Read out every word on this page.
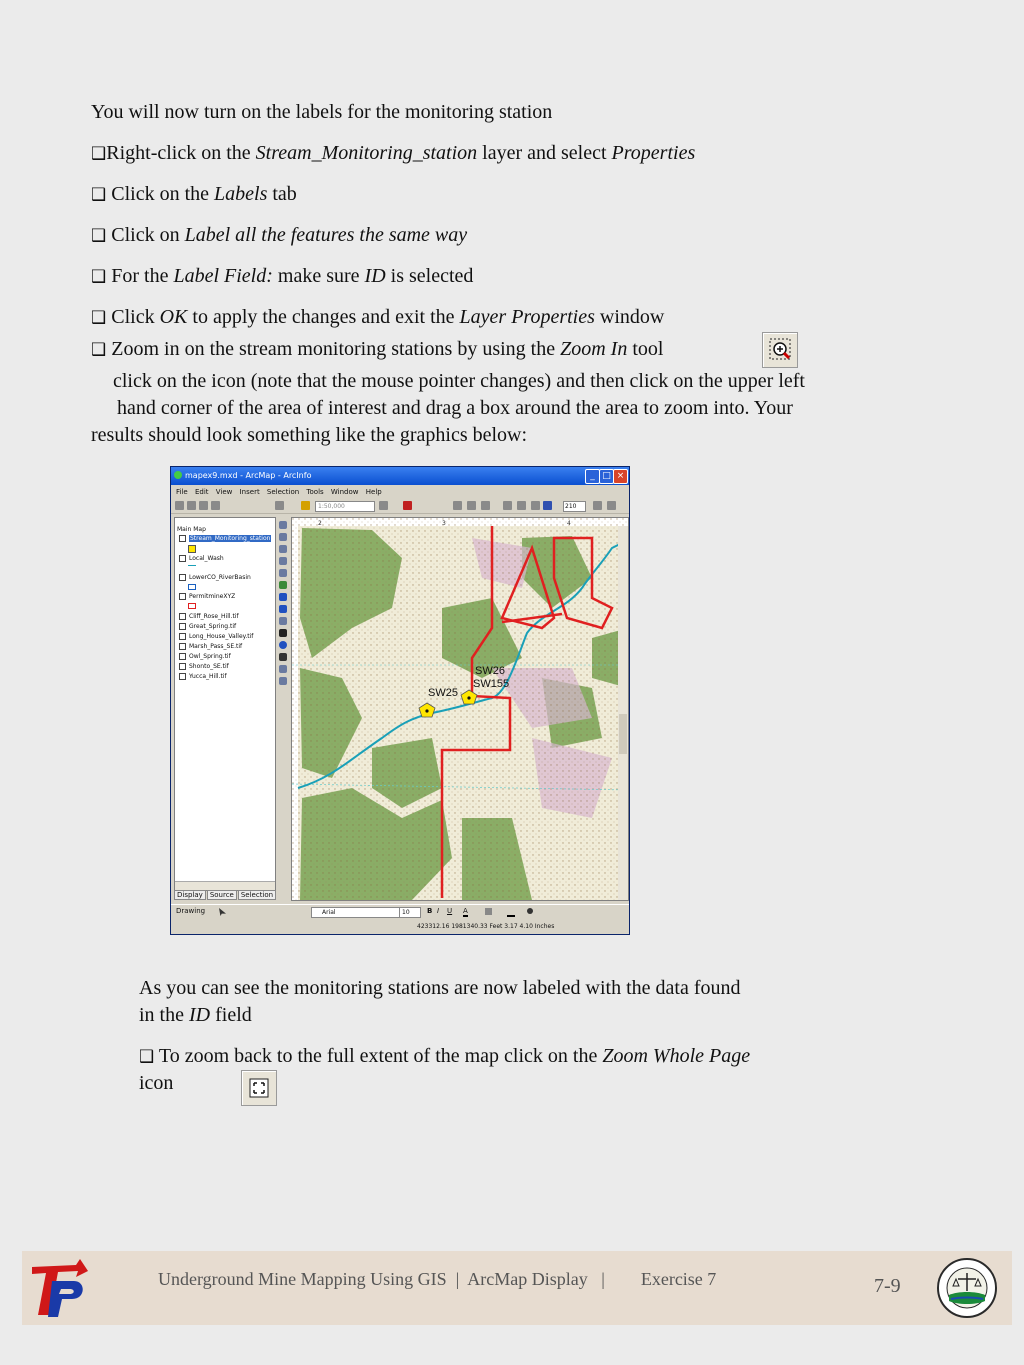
You will now turn on the labels for the monitoring station
❑Right-click on the Stream_Monitoring_station layer and select Properties
❑ Click on the Labels tab
❑ Click on Label all the features the same way
❑ For the Label Field: make sure ID is selected
❑ Click OK to apply the changes and exit the Layer Properties window
❑ Zoom in on the stream monitoring stations by using the Zoom In tool
click on the icon (note that the mouse pointer changes) and then click on the upper left
hand corner of the area of interest and drag a box around the area to zoom into. Your
results should look something like the graphics below:
mapex9.mxd - ArcMap - ArcInfo	_ □ ×
File Edit View Insert Selection Tools Window Help
1:50,000	210
Main Map
Stream_Monitoring_station
Local_Wash
LowerCO_RiverBasin
PermitmineXYZ
Cliff_Rose_Hill.tif
Great_Spring.tif
Long_House_Valley.tif
Marsh_Pass_SE.tif
Owl_Spring.tif
Shonto_SE.tif
Yucca_Hill.tif
Display Source Selection
SW25
SW26
SW155
2	3	4
Drawing	Arial	10	B I U A
423312.16 1981340.33 Feet 3.17 4.10 Inches
As you can see the monitoring stations are now labeled with the data found
in the ID field
❑ To zoom back to the full extent of the map click on the Zoom Whole Page
icon
Underground Mine Mapping Using GIS  |  ArcMap Display   |        Exercise 7	7-9
